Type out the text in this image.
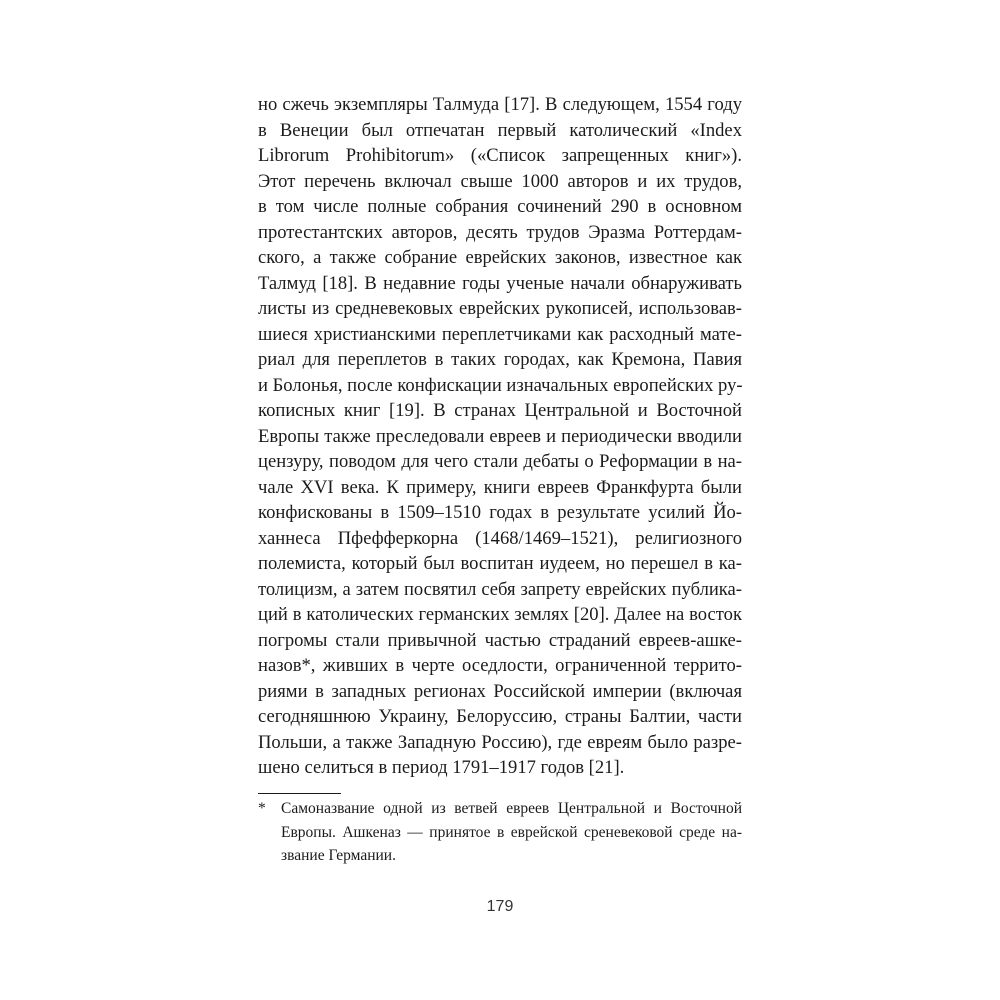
но сжечь экземпляры Талмуда [17]. В следующем, 1554 году
в Венеции был отпечатан первый католический «Index
Librorum Prohibitorum» («Список запрещенных книг»).
Этот перечень включал свыше 1000 авторов и их трудов,
в том числе полные собрания сочинений 290 в основном
протестантских авторов, десять трудов Эразма Роттердам-
ского, а также собрание еврейских законов, известное как
Талмуд [18]. В недавние годы ученые начали обнаруживать
листы из средневековых еврейских рукописей, использовав-
шиеся христианскими переплетчиками как расходный мате-
риал для переплетов в таких городах, как Кремона, Павия
и Болонья, после конфискации изначальных европейских ру-
кописных книг [19]. В странах Центральной и Восточной
Европы также преследовали евреев и периодически вводили
цензуру, поводом для чего стали дебаты о Реформации в на-
чале XVI века. К примеру, книги евреев Франкфурта были
конфискованы в 1509–1510 годах в результате усилий Йо-
ханнеса Пфефферкорна (1468/1469–1521), религиозного
полемиста, который был воспитан иудеем, но перешел в ка-
толицизм, а затем посвятил себя запрету еврейских публика-
ций в католических германских землях [20]. Далее на восток
погромы стали привычной частью страданий евреев-ашке-
назов*, живших в черте оседлости, ограниченной террито-
риями в западных регионах Российской империи (включая
сегодняшнюю Украину, Белоруссию, страны Балтии, части
Польши, а также Западную Россию), где евреям было разре-
шено селиться в период 1791–1917 годов [21].
* Самоназвание одной из ветвей евреев Центральной и Восточной
Европы. Ашкеназ — принятое в еврейской среневековой среде на-
звание Германии.
179
